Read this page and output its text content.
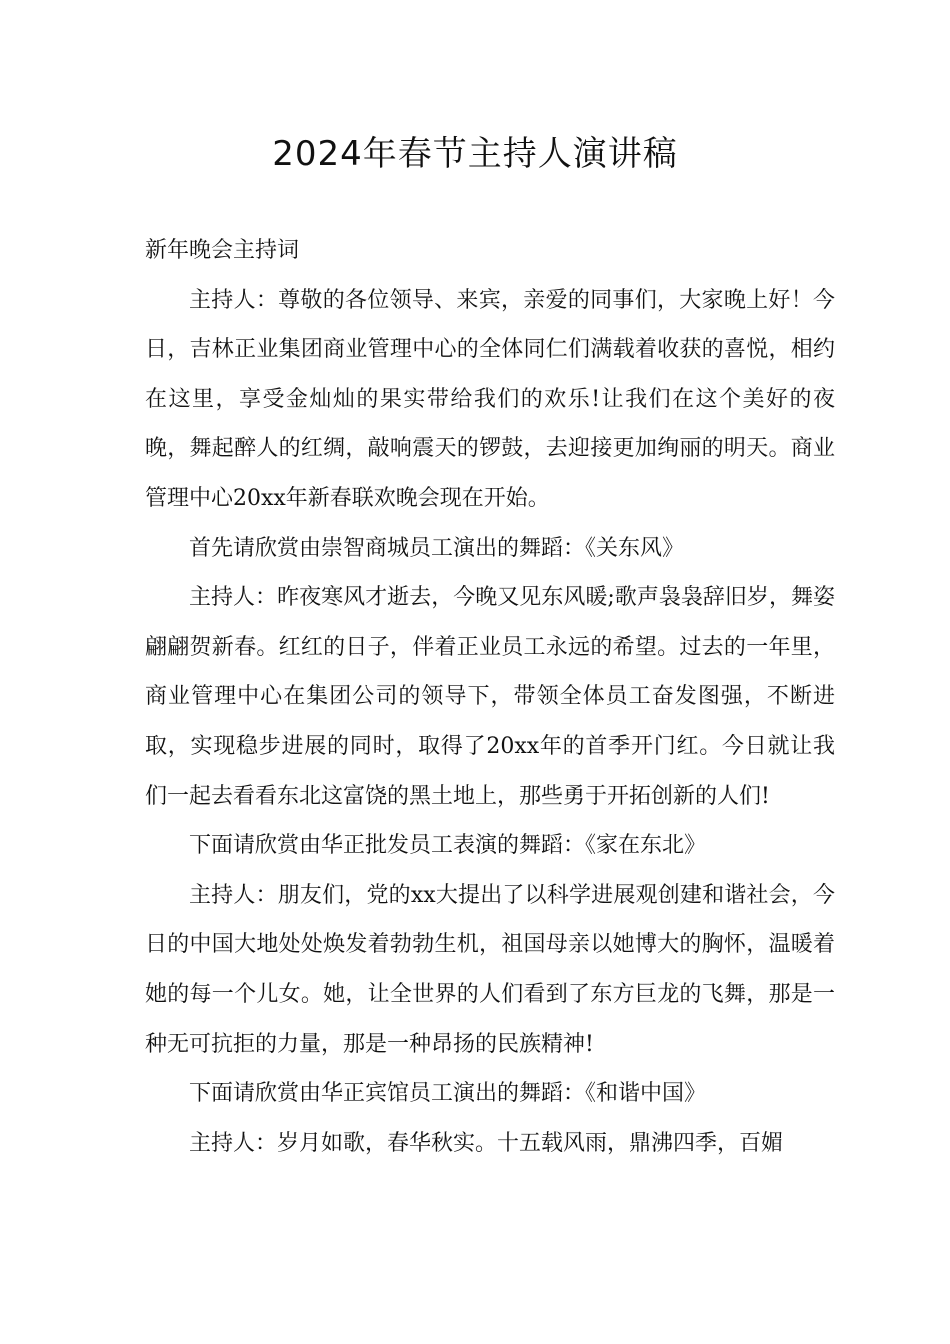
2024年春节主持人演讲稿

新年晚会主持词

主持人：尊敬的各位领导、来宾，亲爱的同事们，大家晚上好！今日，吉林正业集团商业管理中心的全体同仁们满载着收获的喜悦，相约在这里，享受金灿灿的果实带给我们的欢乐!让我们在这个美好的夜晚，舞起醉人的红绸，敲响震天的锣鼓，去迎接更加绚丽的明天。商业管理中心20xx年新春联欢晚会现在开始。

首先请欣赏由崇智商城员工演出的舞蹈：《关东风》

主持人：昨夜寒风才逝去，今晚又见东风暖;歌声袅袅辞旧岁，舞姿翩翩贺新春。红红的日子，伴着正业员工永远的希望。过去的一年里，商业管理中心在集团公司的领导下，带领全体员工奋发图强，不断进取，实现稳步进展的同时，取得了20xx年的首季开门红。今日就让我们一起去看看东北这富饶的黑土地上，那些勇于开拓创新的人们!

下面请欣赏由华正批发员工表演的舞蹈：《家在东北》

主持人：朋友们，党的xx大提出了以科学进展观创建和谐社会，今日的中国大地处处焕发着勃勃生机，祖国母亲以她博大的胸怀，温暖着她的每一个儿女。她，让全世界的人们看到了东方巨龙的飞舞，那是一种无可抗拒的力量，那是一种昂扬的民族精神!

下面请欣赏由华正宾馆员工演出的舞蹈：《和谐中国》

主持人：岁月如歌，春华秋实。十五载风雨，鼎沸四季，百媚
